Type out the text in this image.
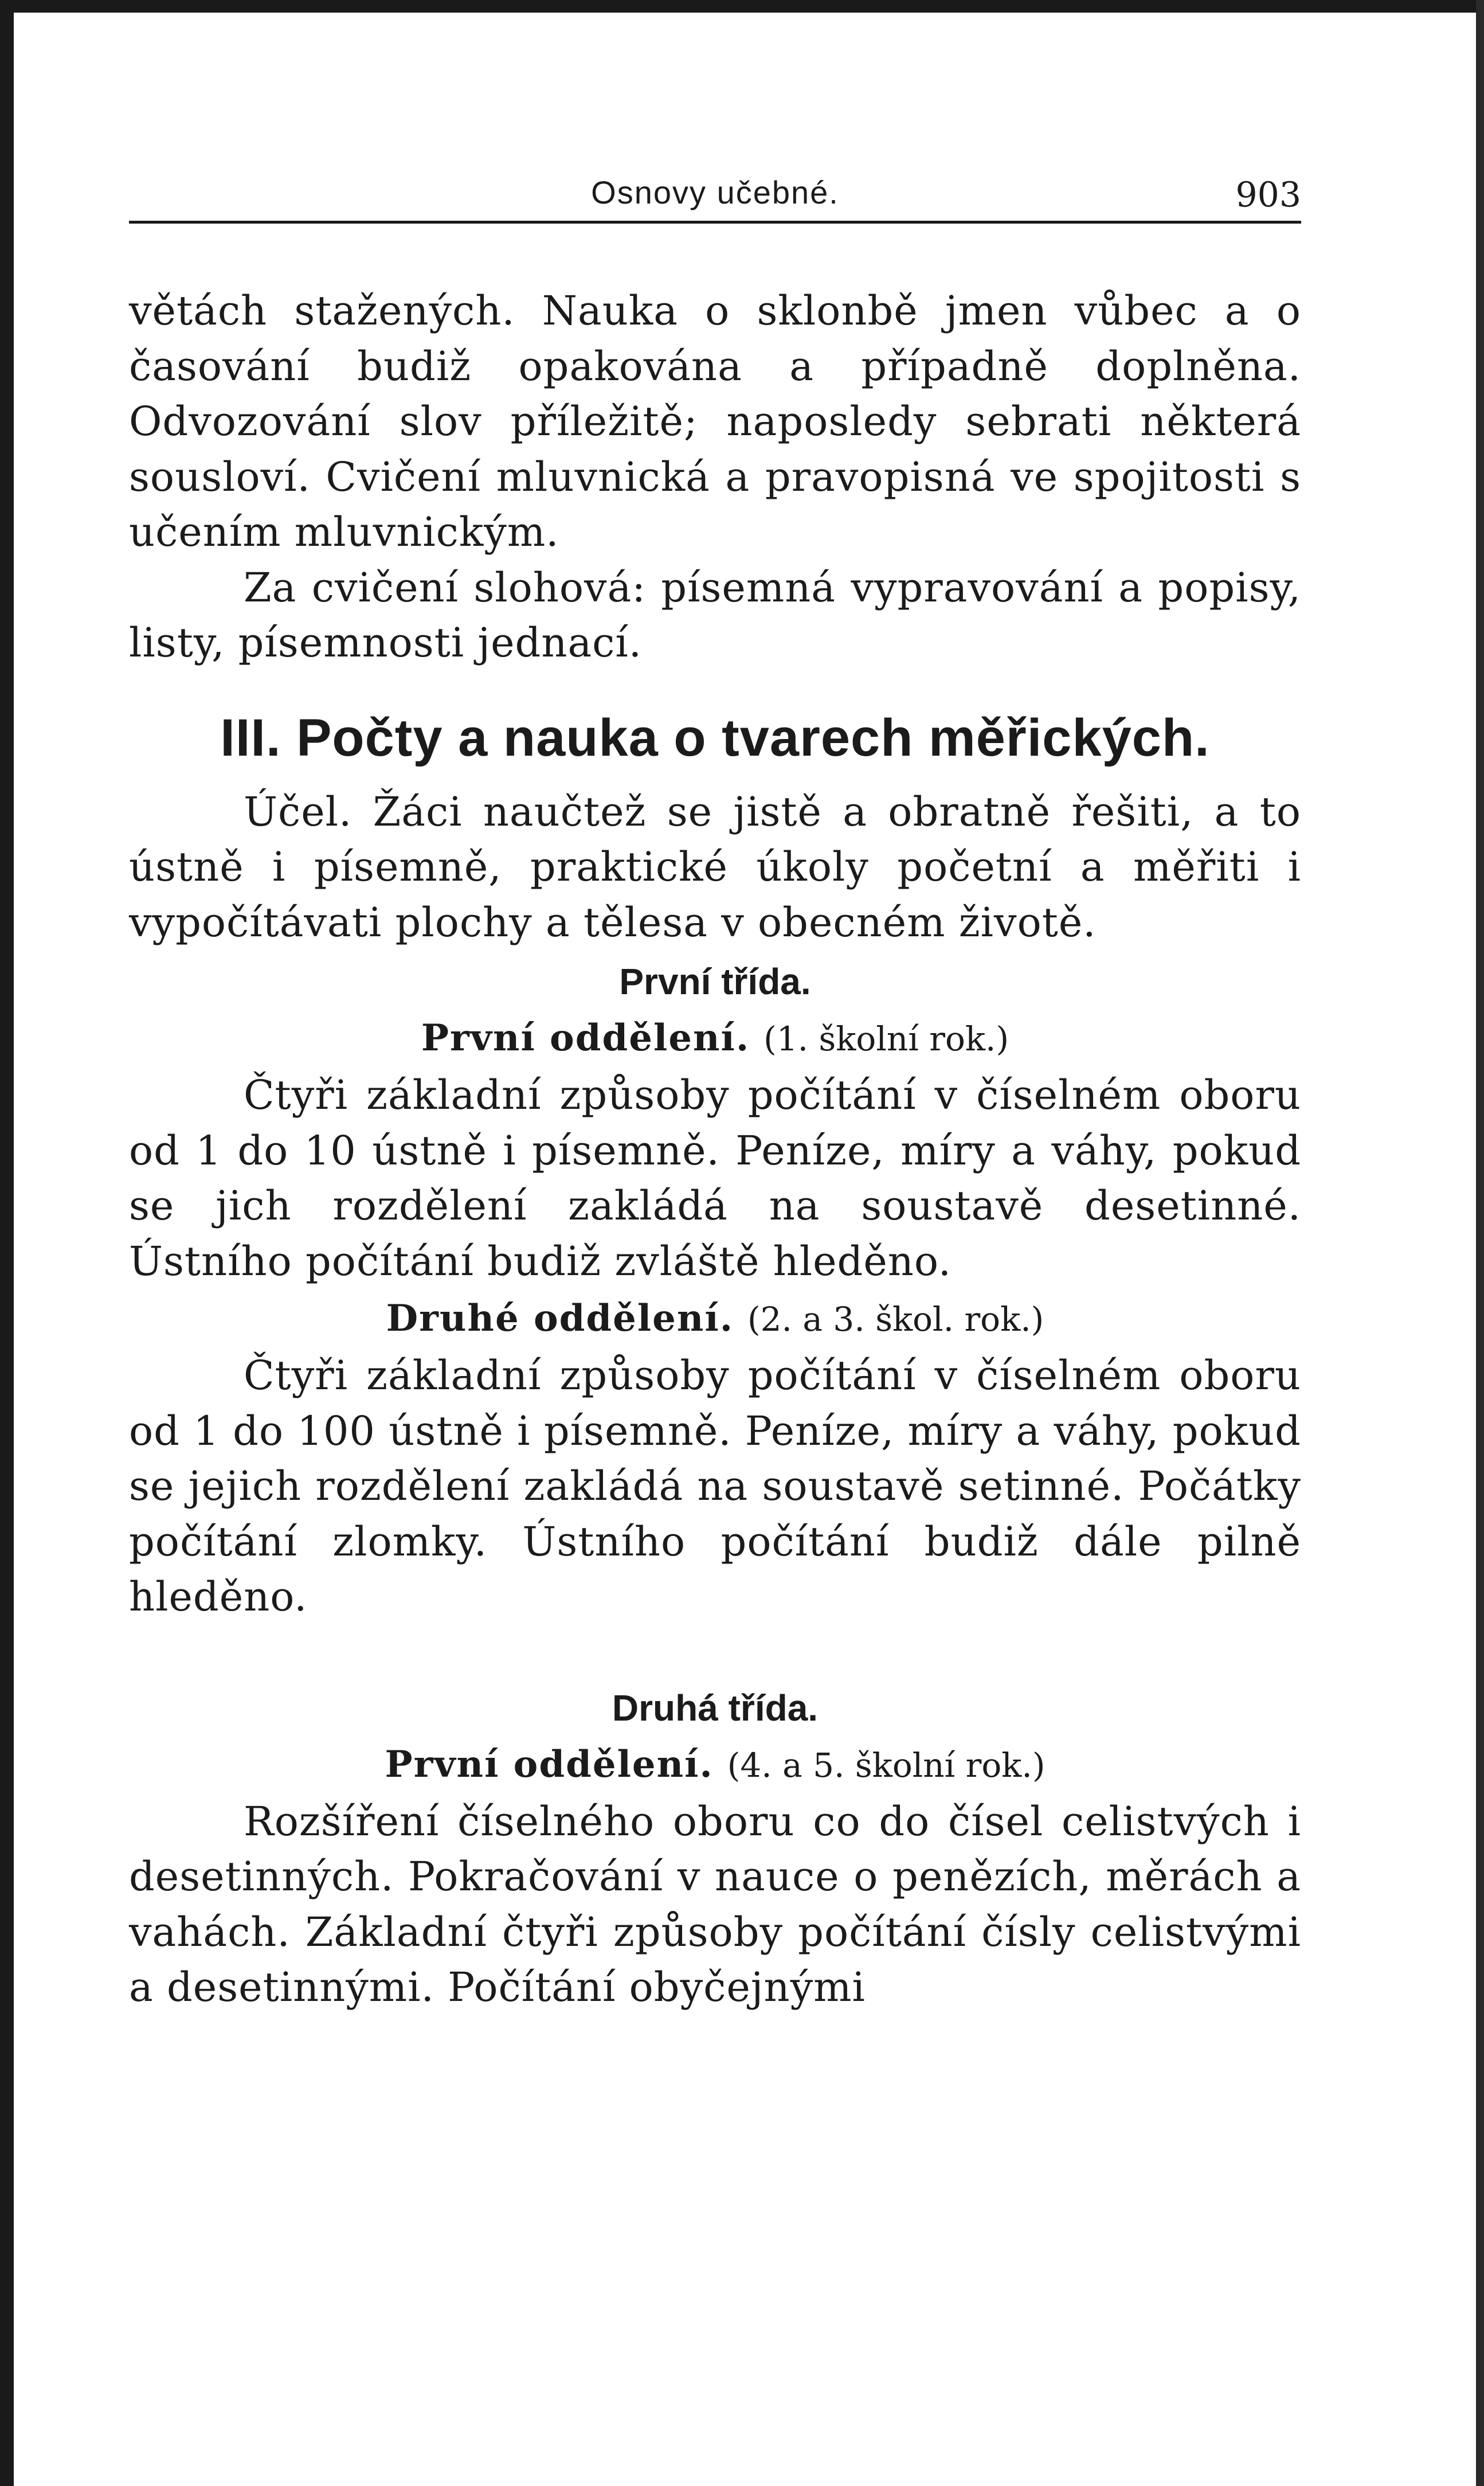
Osnovy učebné.	903

větách stažených. Nauka o sklonbě jmen vůbec a o časování budiž opakována a případně doplněna. Odvozování slov příležitě; naposledy sebrati některá sousloví. Cvičení mluvnická a pravopisná ve spojitosti s učením mluvnickým.

Za cvičení slohová: písemná vypravování a popisy, listy, písemnosti jednací.

III. Počty a nauka o tvarech měřických.

Účel. Žáci naučtež se jistě a obratně řešiti, a to ústně i písemně, praktické úkoly početní a měřiti i vypočítávati plochy a tělesa v obecném životě.

První třída.
První oddělení. (1. školní rok.)

Čtyři základní způsoby počítání v číselném oboru od 1 do 10 ústně i písemně. Peníze, míry a váhy, pokud se jich rozdělení zakládá na soustavě desetinné. Ústního počítání budiž zvláště hleděno.

Druhé oddělení. (2. a 3. škol. rok.)

Čtyři základní způsoby počítání v číselném oboru od 1 do 100 ústně i písemně. Peníze, míry a váhy, pokud se jejich rozdělení zakládá na soustavě setinné. Počátky počítání zlomky. Ústního počítání budiž dále pilně hleděno.

Druhá třída.
První oddělení. (4. a 5. školní rok.)

Rozšíření číselného oboru co do čísel celistvých i desetinných. Pokračování v nauce o penězích, měrách a vahách. Základní čtyři způsoby počítání čísly celistvými a desetinnými. Počítání obyčejnými
